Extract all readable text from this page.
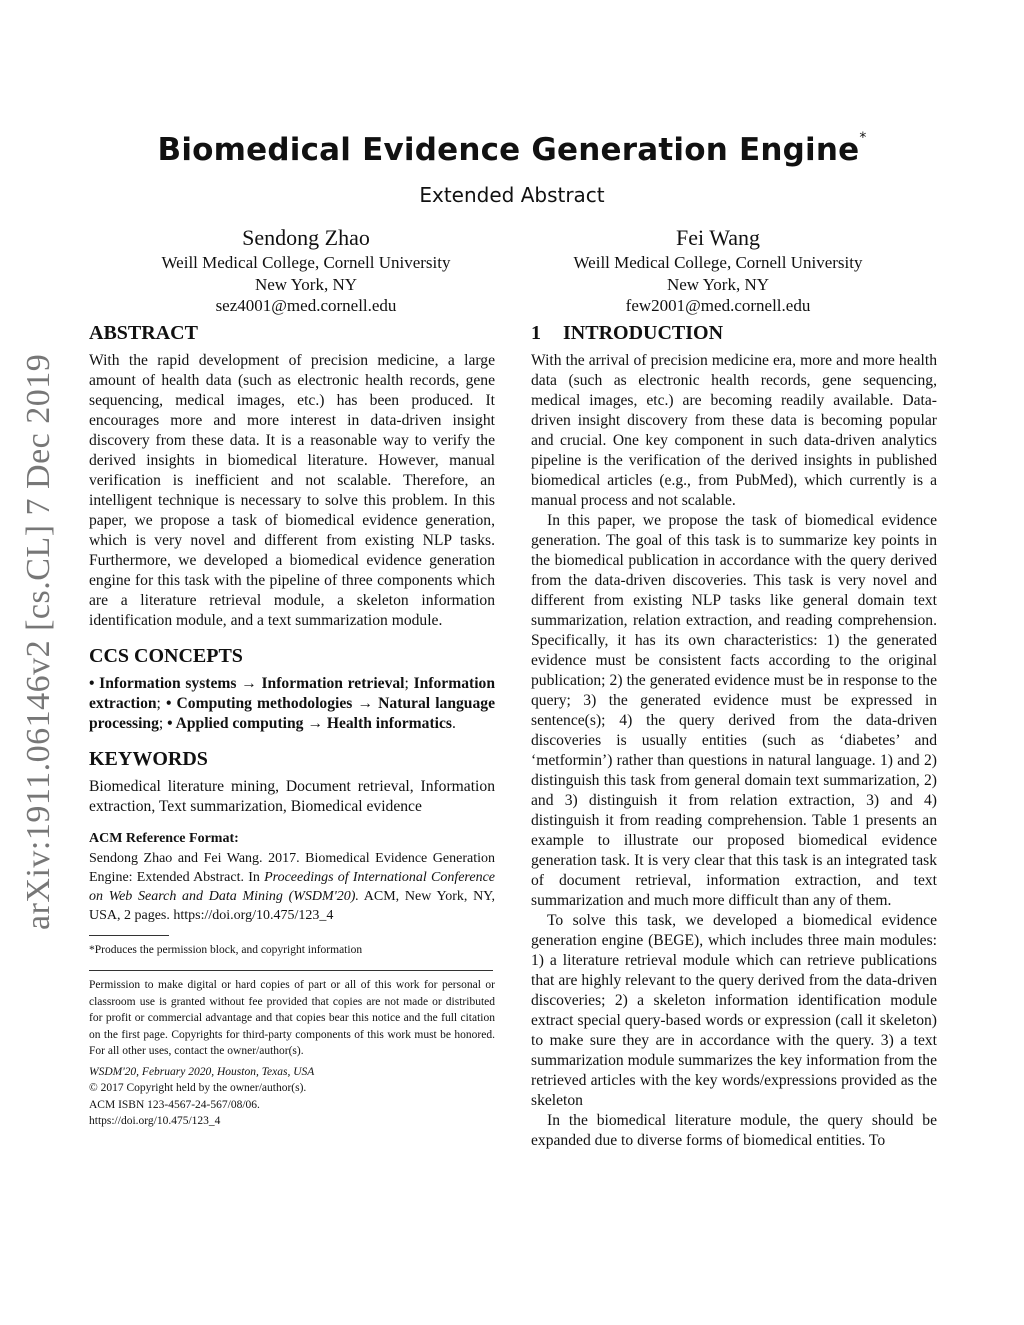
arXiv:1911.06146v2 [cs.CL] 7 Dec 2019
Biomedical Evidence Generation Engine*
Extended Abstract
Sendong Zhao
Weill Medical College, Cornell University
New York, NY
sez4001@med.cornell.edu
Fei Wang
Weill Medical College, Cornell University
New York, NY
few2001@med.cornell.edu
ABSTRACT

With the rapid development of precision medicine, a large amount of health data (such as electronic health records, gene sequencing, medical images, etc.) has been produced. It encourages more and more interest in data-driven insight discovery from these data. It is a reasonable way to verify the derived insights in biomedical literature. However, manual verification is inefficient and not scalable. Therefore, an intelligent technique is necessary to solve this problem. In this paper, we propose a task of biomedical evidence generation, which is very novel and different from existing NLP tasks. Furthermore, we developed a biomedical evidence generation engine for this task with the pipeline of three components which are a literature retrieval module, a skeleton information identification module, and a text summarization module.

CCS CONCEPTS

• Information systems → Information retrieval; Information extraction; • Computing methodologies → Natural language processing; • Applied computing → Health informatics.

KEYWORDS

Biomedical literature mining, Document retrieval, Information extraction, Text summarization, Biomedical evidence

ACM Reference Format:
Sendong Zhao and Fei Wang. 2017. Biomedical Evidence Generation Engine: Extended Abstract. In Proceedings of International Conference on Web Search and Data Mining (WSDM'20). ACM, New York, NY, USA, 2 pages. https://doi.org/10.475/123_4
*Produces the permission block, and copyright information
Permission to make digital or hard copies of part or all of this work for personal or classroom use is granted without fee provided that copies are not made or distributed for profit or commercial advantage and that copies bear this notice and the full citation on the first page. Copyrights for third-party components of this work must be honored. For all other uses, contact the owner/author(s).
WSDM'20, February 2020, Houston, Texas, USA
© 2017 Copyright held by the owner/author(s).
ACM ISBN 123-4567-24-567/08/06.
https://doi.org/10.475/123_4
1 INTRODUCTION

With the arrival of precision medicine era, more and more health data (such as electronic health records, gene sequencing, medical images, etc.) are becoming readily available. Data-driven insight discovery from these data is becoming popular and crucial. One key component in such data-driven analytics pipeline is the verification of the derived insights in published biomedical articles (e.g., from PubMed), which currently is a manual process and not scalable.

In this paper, we propose the task of biomedical evidence generation. The goal of this task is to summarize key points in the biomedical publication in accordance with the query derived from the data-driven discoveries. This task is very novel and different from existing NLP tasks like general domain text summarization, relation extraction, and reading comprehension. Specifically, it has its own characteristics: 1) the generated evidence must be consistent facts according to the original publication; 2) the generated evidence must be in response to the query; 3) the generated evidence must be expressed in sentence(s); 4) the query derived from the data-driven discoveries is usually entities (such as ‘diabetes’ and ‘metformin’) rather than questions in natural language. 1) and 2) distinguish this task from general domain text summarization, 2) and 3) distinguish it from relation extraction, 3) and 4) distinguish it from reading comprehension. Table 1 presents an example to illustrate our proposed biomedical evidence generation task. It is very clear that this task is an integrated task of document retrieval, information extraction, and text summarization and much more difficult than any of them.

To solve this task, we developed a biomedical evidence generation engine (BEGE), which includes three main modules: 1) a literature retrieval module which can retrieve publications that are highly relevant to the query derived from the data-driven discoveries; 2) a skeleton information identification module extract special query-based words or expression (call it skeleton) to make sure they are in accordance with the query. 3) a text summarization module summarizes the key information from the retrieved articles with the key words/expressions provided as the skeleton

In the biomedical literature module, the query should be expanded due to diverse forms of biomedical entities. To
